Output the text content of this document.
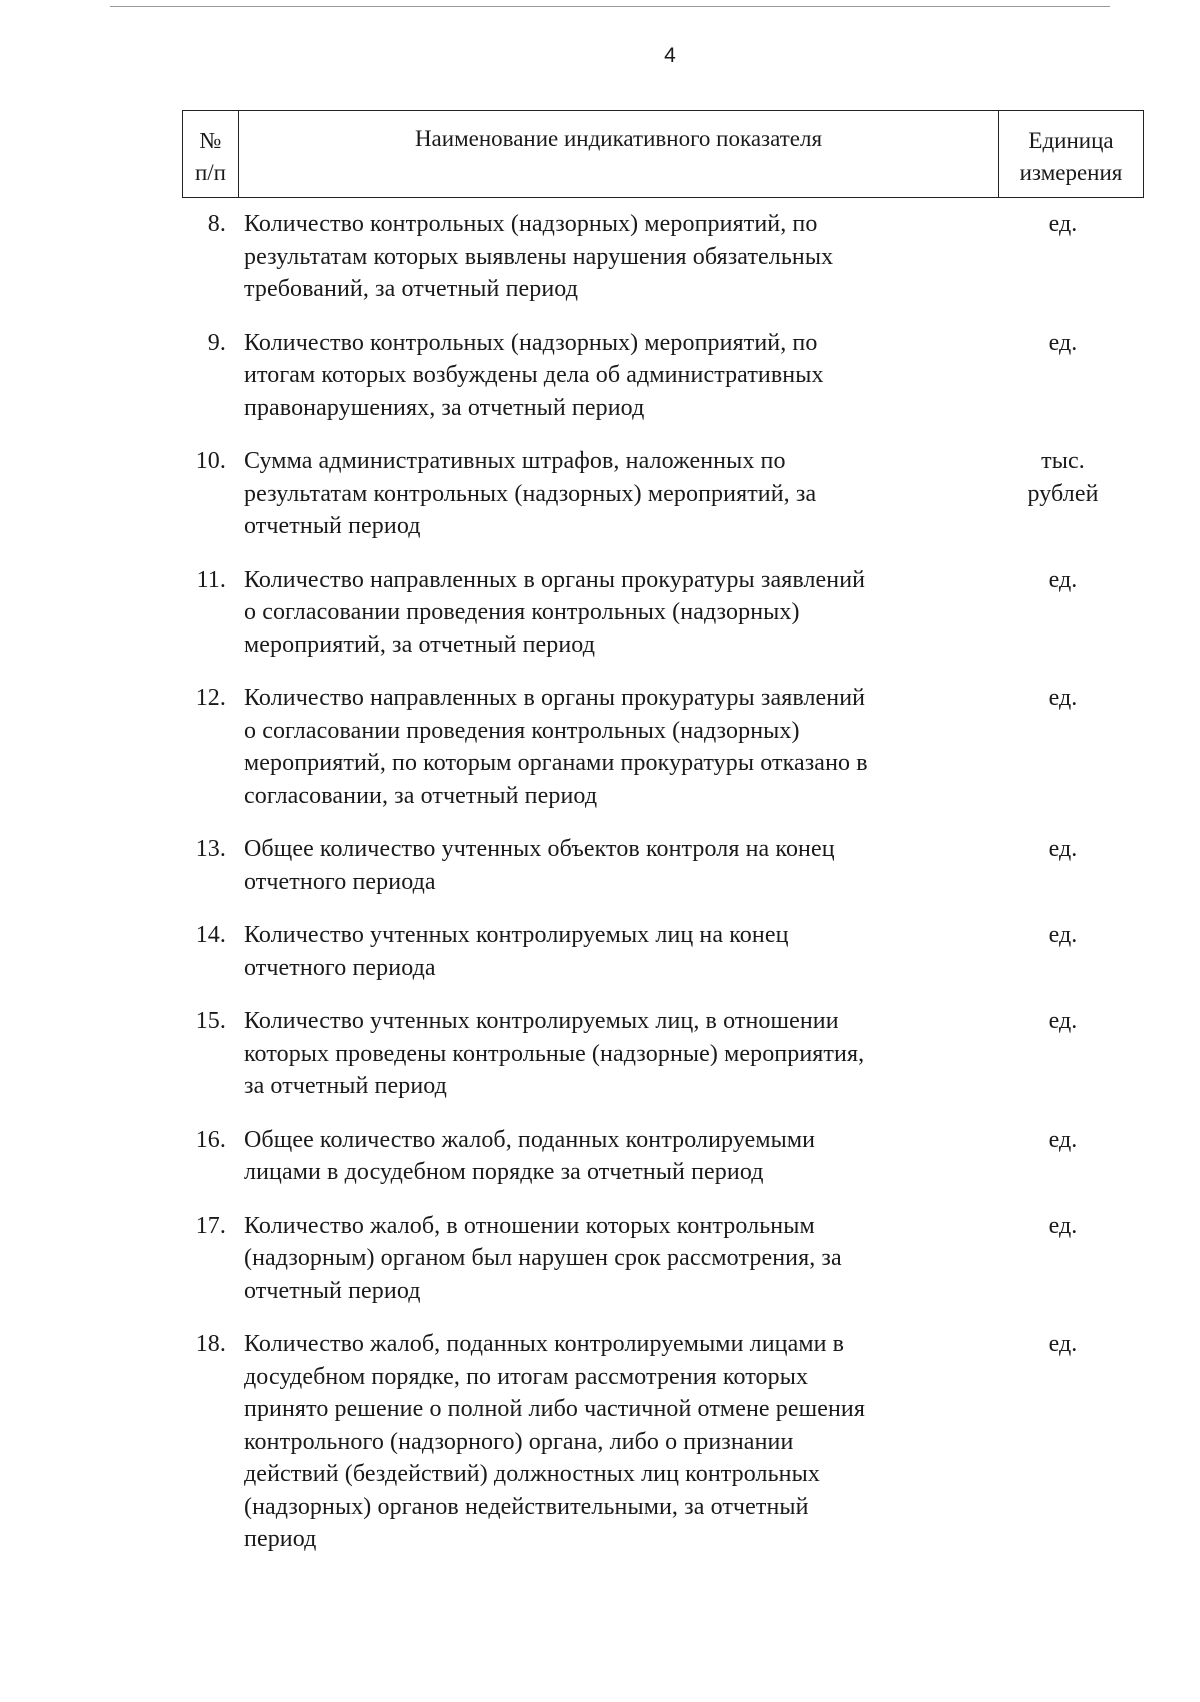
4
№
п/п
Наименование индикативного показателя	Единица
измерения
8. Количество контрольных (надзорных) мероприятий, по
результатам которых выявлены нарушения обязательных
требований, за отчетный период
ед.
9. Количество контрольных (надзорных) мероприятий, по
итогам которых возбуждены дела об административных
правонарушениях, за отчетный период
ед.
10. Сумма административных штрафов, наложенных по
результатам контрольных (надзорных) мероприятий, за
отчетный период
тыс.
рублей
11. Количество направленных в органы прокуратуры заявлений
о согласовании проведения контрольных (надзорных)
мероприятий, за отчетный период
ед.
12. Количество направленных в органы прокуратуры заявлений
о согласовании проведения контрольных (надзорных)
мероприятий, по которым органами прокуратуры отказано в
согласовании, за отчетный период
ед.
13. Общее количество учтенных объектов контроля на конец
отчетного периода
ед.
14. Количество учтенных контролируемых лиц на конец
отчетного периода
ед.
15. Количество учтенных контролируемых лиц, в отношении
которых проведены контрольные (надзорные) мероприятия,
за отчетный период
ед.
16. Общее количество жалоб, поданных контролируемыми
лицами в досудебном порядке за отчетный период
ед.
17. Количество жалоб, в отношении которых контрольным
(надзорным) органом был нарушен срок рассмотрения, за
отчетный период
ед.
18. Количество жалоб, поданных контролируемыми лицами в
досудебном порядке, по итогам рассмотрения которых
принято решение о полной либо частичной отмене решения
контрольного (надзорного) органа, либо о признании
действий (бездействий) должностных лиц контрольных
(надзорных) органов недействительными, за отчетный
период
ед.
